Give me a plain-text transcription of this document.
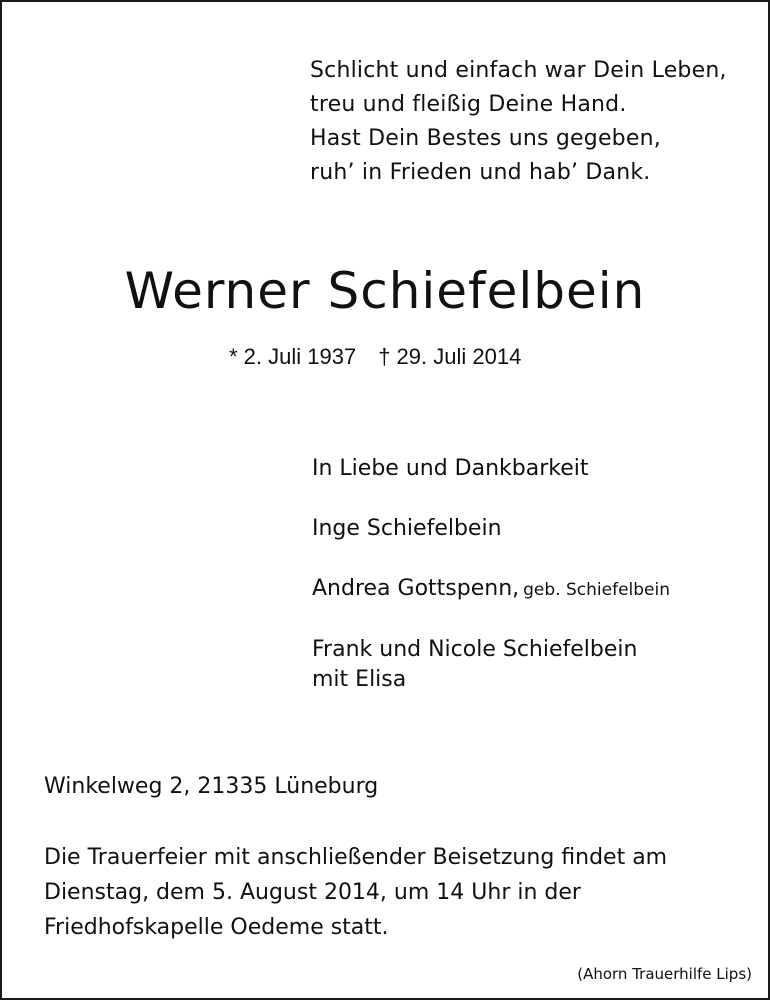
Schlicht und einfach war Dein Leben,
treu und fleißig Deine Hand.
Hast Dein Bestes uns gegeben,
ruh’ in Frieden und hab’ Dank.
Werner Schiefelbein
* 2. Juli 1937 † 29. Juli 2014
In Liebe und Dankbarkeit
Inge Schiefelbein
Andrea Gottspenn, geb. Schiefelbein
Frank und Nicole Schiefelbein
mit Elisa
Winkelweg 2, 21335 Lüneburg
Die Trauerfeier mit anschließender Beisetzung findet am
Dienstag, dem 5. August 2014, um 14 Uhr in der
Friedhofskapelle Oedeme statt.
(Ahorn Trauerhilfe Lips)
